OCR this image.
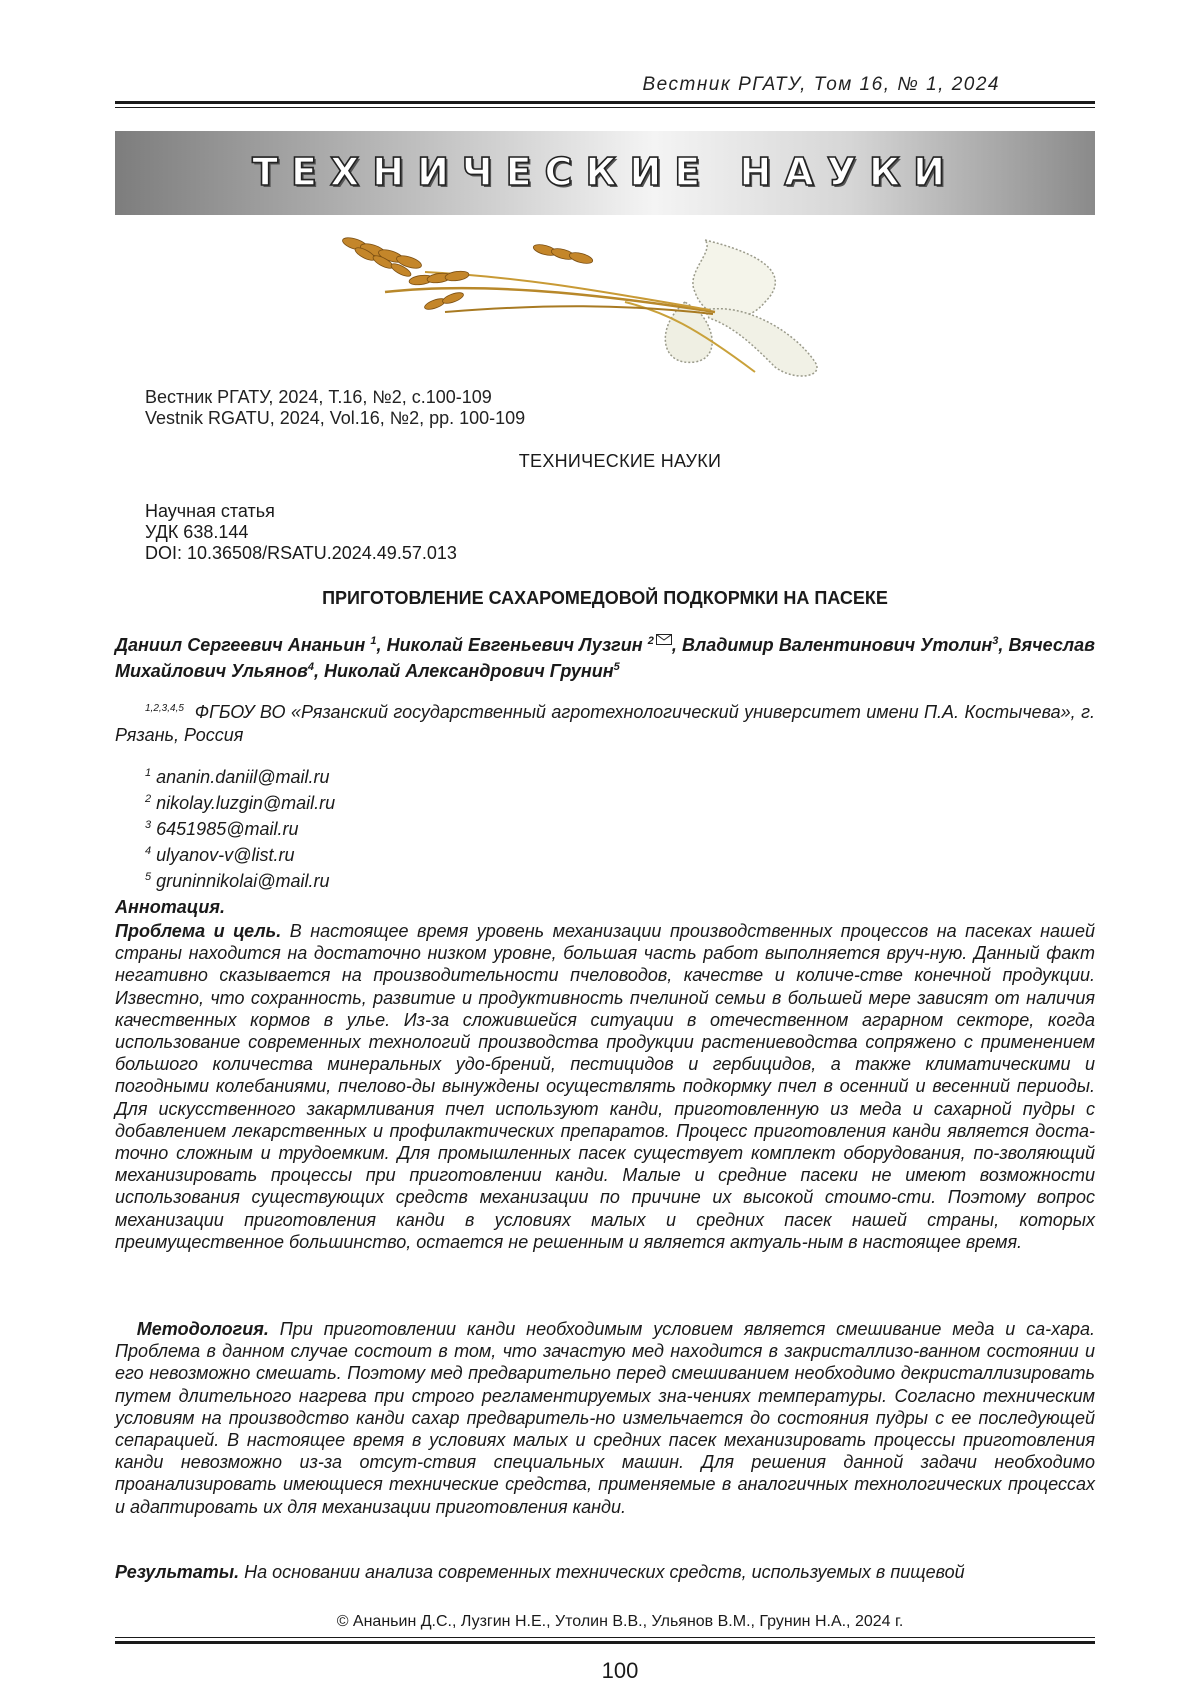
Вестник РГАТУ, Том 16, № 1, 2024
ТЕХНИЧЕСКИЕ НАУКИ
Вестник РГАТУ, 2024, Т.16, №2, с.100-109
Vestnik RGATU, 2024, Vol.16, №2, pp. 100-109
ТЕХНИЧЕСКИЕ НАУКИ
Научная статья
УДК 638.144
DOI: 10.36508/RSATU.2024.49.57.013
ПРИГОТОВЛЕНИЕ САХАРОМЕДОВОЙ ПОДКОРМКИ НА ПАСЕКЕ
Даниил Сергеевич Ананьин $^1$, Николай Евгеньевич Лузгин $^2$ , Владимир Валентинович Утолин$^3$, Вячеслав Михайлович Ульянов$^4$, Николай Александрович Грунин$^5$
$^{1,2,3,4,5}$ ФГБОУ ВО «Рязанский государственный агротехнологический университет имени П.А. Костычева», г. Рязань, Россия
$^1$ ananin.daniil@mail.ru
$^2$ nikolay.luzgin@mail.ru
$^3$ 6451985@mail.ru
$^4$ ulyanov-v@list.ru
$^5$ gruninnikolai@mail.ru
Аннотация.
Проблема и цель. В настоящее время уровень механизации производственных процессов на пасеках нашей страны находится на достаточно низком уровне, большая часть работ выполняется вруч-ную. Данный факт негативно сказывается на производительности пчеловодов, качестве и количе-стве конечной продукции. Известно, что сохранность, развитие и продуктивность пчелиной семьи в большей мере зависят от наличия качественных кормов в улье. Из-за сложившейся ситуации в отечественном аграрном секторе, когда использование современных технологий производства продукции растениеводства сопряжено с применением большого количества минеральных удо-брений, пестицидов и гербицидов, а также климатическими и погодными колебаниями, пчелово-ды вынуждены осуществлять подкормку пчел в осенний и весенний периоды. Для искусственного закармливания пчел используют канди, приготовленную из меда и сахарной пудры с добавлением лекарственных и профилактических препаратов. Процесс приготовления канди является доста-точно сложным и трудоемким. Для промышленных пасек существует комплект оборудования, по-зволяющий механизировать процессы при приготовлении канди. Малые и средние пасеки не имеют возможности использования существующих средств механизации по причине их высокой стоимо-сти. Поэтому вопрос механизации приготовления канди в условиях малых и средних пасек нашей страны, которых преимущественное большинство, остается не решенным и является актуаль-ным в настоящее время.
Методология. При приготовлении канди необходимым условием является смешивание меда и са-хара. Проблема в данном случае состоит в том, что зачастую мед находится в закристаллизо-ванном состоянии и его невозможно смешать. Поэтому мед предварительно перед смешиванием необходимо декристаллизировать путем длительного нагрева при строго регламентируемых зна-чениях температуры. Согласно техническим условиям на производство канди сахар предваритель-но измельчается до состояния пудры с ее последующей сепарацией. В настоящее время в условиях малых и средних пасек механизировать процессы приготовления канди невозможно из-за отсут-ствия специальных машин. Для решения данной задачи необходимо проанализировать имеющиеся технические средства, применяемые в аналогичных технологических процессах и адаптировать их для механизации приготовления канди.
Результаты. На основании анализа современных технических средств, используемых в пищевой
© Ананьин Д.С., Лузгин Н.Е., Утолин В.В., Ульянов В.М., Грунин Н.А., 2024 г.
100
